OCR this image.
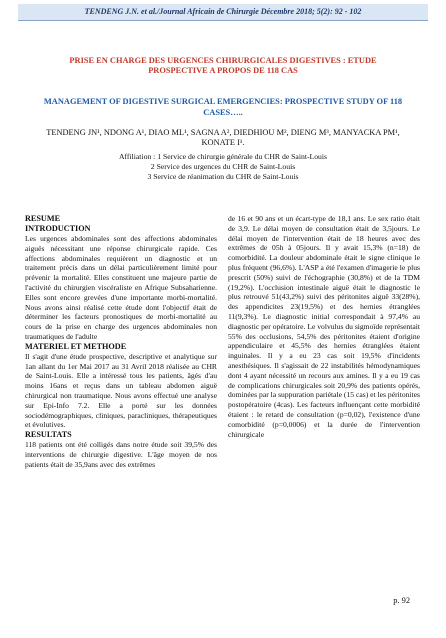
TENDENG J.N. et al./Journal Africain de Chirurgie Décembre 2018; 5(2): 92 - 102
PRISE EN CHARGE DES URGENCES CHIRURGICALES DIGESTIVES : ETUDE PROSPECTIVE A PROPOS DE 118 CAS
MANAGEMENT OF DIGESTIVE SURGICAL EMERGENCIES: PROSPECTIVE STUDY OF 118 CASES…..
TENDENG JN¹, NDONG A¹, DIAO ML¹, SAGNA A², DIEDHIOU M², DIENG M³, MANYACKA PM¹, KONATE I¹.
Affiliation : 1 Service de chirurgie générale du CHR de Saint-Louis
2 Service des urgences du CHR de Saint-Louis
3 Service de réanimation du CHR de Saint-Louis
RESUME
INTRODUCTION

Les urgences abdominales sont des affections abdominales aiguës nécessitant une réponse chirurgicale rapide. Ces affections abdominales requièrent un diagnostic et un traitement précis dans un délai particulièrement limité pour prévenir la mortalité. Elles constituent une majeure partie de l'activité du chirurgien viscéraliste en Afrique Subsaharienne. Elles sont encore grevées d'une importante morbi-mortalité. Nous avons ainsi réalisé cette étude dont l'objectif était de déterminer les facteurs pronostiques de morbi-mortalité au cours de la prise en charge des urgences abdominales non traumatiques de l'adulte

MATERIEL ET METHODE

Il s'agit d'une étude prospective, descriptive et analytique sur 1an allant du 1er Mai 2017 au 31 Avril 2018 réalisée au CHR de Saint-Louis. Elle a intéressé tous les patients, âgés d'au moins 16ans et reçus dans un tableau abdomen aiguë chirurgical non traumatique. Nous avons effectué une analyse sur Epi-Info 7.2. Elle a porté sur les données sociodémographiques, cliniques, paracliniques, thérapeutiques et évolutives.

RESULTATS

118 patients ont été colligés dans notre étude soit 39,5% des interventions de chirurgie digestive. L'âge moyen de nos patients était de 35,9ans avec des extrêmes

de 16 et 90 ans et un écart-type de 18,1 ans. Le sex ratio était de 3,9. Le délai moyen de consultation était de 3,5jours. Le délai moyen de l'intervention était de 18 heures avec des extrêmes de 05h à 05jours. Il y avait 15,3% (n=18) de comorbidité. La douleur abdominale était le signe clinique le plus fréquent (96,6%). L'ASP a été l'examen d'imagerie le plus prescrit (50%) suivi de l'échographie (30,8%) et de la TDM (19,2%). L'occlusion intestinale aiguë était le diagnostic le plus retrouvé 51(43,2%) suivi des péritonites aiguë 33(28%), des appendicites 23(19,5%) et des hernies étranglées 11(9,3%). Le diagnostic initial correspondait à 97,4% au diagnostic per opératoire. Le volvulus du sigmoïde représentait 55% des occlusions, 54,5% des péritonites étaient d'origine appendiculaire et 45,5% des hernies étranglées étaient inguinales. Il y a eu 23 cas soit 19,5% d'incidents anesthésiques. Il s'agissait de 22 instabilités hémodynamiques dont 4 ayant nécessité un recours aux amines. Il y a eu 19 cas de complications chirurgicales soit 20,9% des patients opérés, dominées par la suppuration pariétale (15 cas) et les péritonites postopératoire (4cas). Les facteurs influençant cette morbidité étaient : le retard de consultation (p=0,02), l'existence d'une comorbidité (p=0,0006) et la durée de l'intervention chirurgicale

p. 92
